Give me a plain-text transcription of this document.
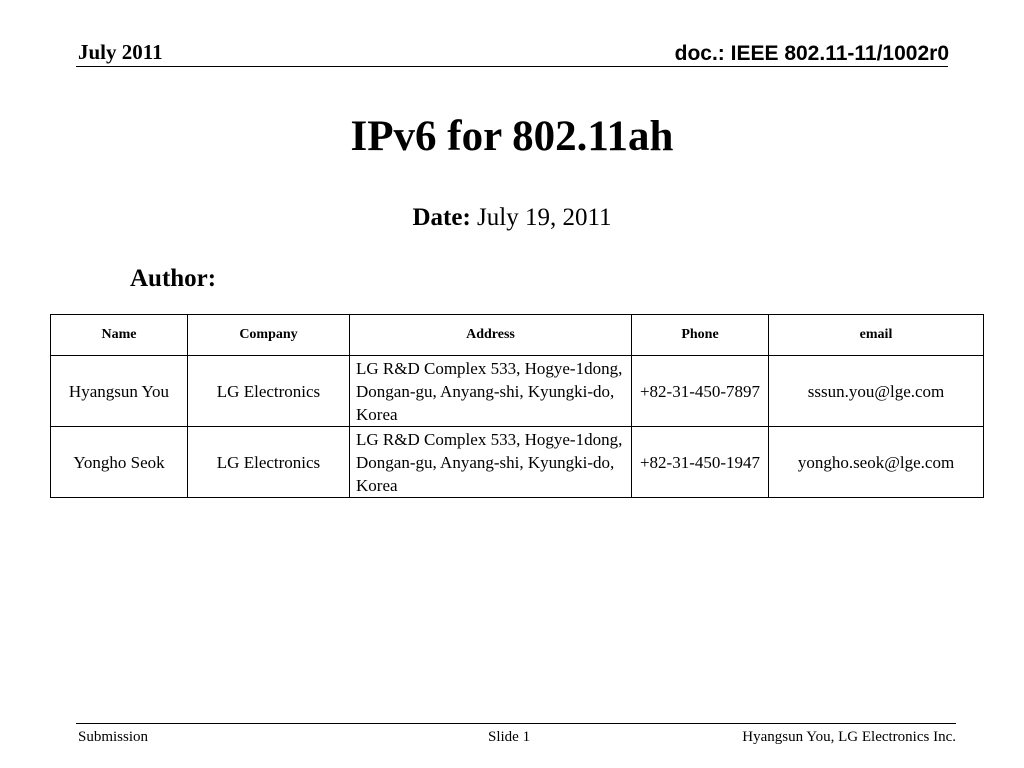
July 2011	doc.: IEEE 802.11-11/1002r0
IPv6 for 802.11ah
Date: July 19, 2011
Author:
Name	Company	Address	Phone	email
Hyangsun You	LG Electronics	LG R&D Complex 533, Hogye-1dong, Dongan-gu, Anyang-shi, Kyungki-do, Korea	+82-31-450-7897	sssun.you@lge.com
Yongho Seok	LG Electronics	LG R&D Complex 533, Hogye-1dong, Dongan-gu, Anyang-shi, Kyungki-do, Korea	+82-31-450-1947	yongho.seok@lge.com
Submission	Slide 1	Hyangsun You, LG Electronics Inc.
